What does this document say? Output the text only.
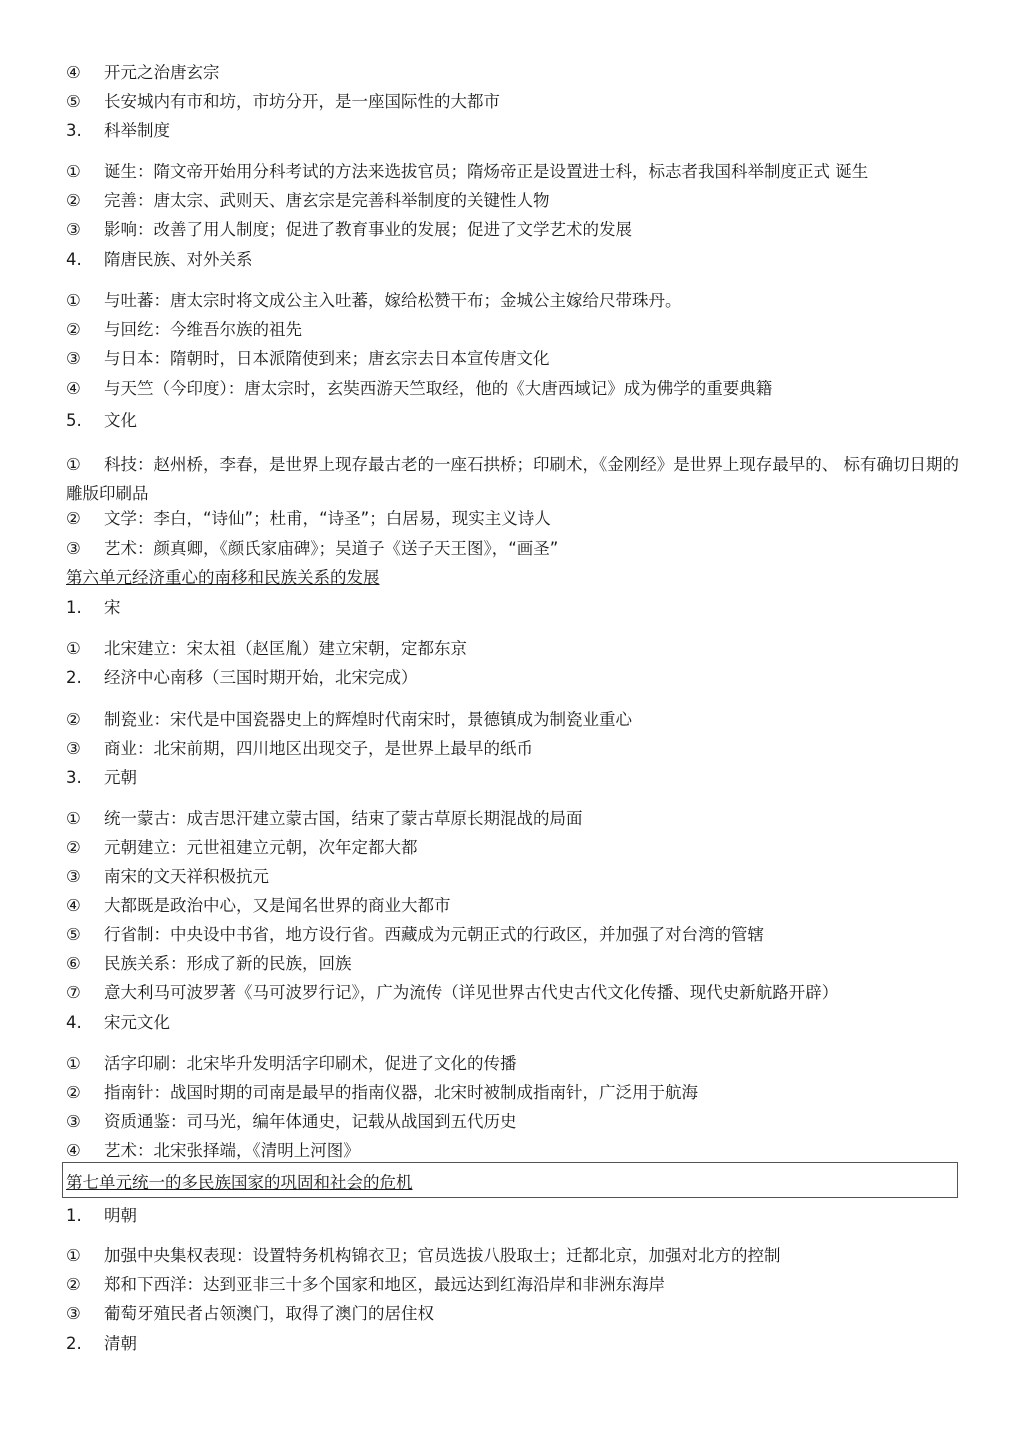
④ 开元之治唐玄宗
⑤ 长安城内有市和坊，市坊分开，是一座国际性的大都市
3. 科举制度
① 诞生：隋文帝开始用分科考试的方法来选拔官员；隋炀帝正是设置进士科，标志者我国科举制度正式 诞生
② 完善：唐太宗、武则天、唐玄宗是完善科举制度的关键性人物
③ 影响：改善了用人制度；促进了教育事业的发展；促进了文学艺术的发展
4. 隋唐民族、对外关系
① 与吐蕃：唐太宗时将文成公主入吐蕃，嫁给松赞干布；金城公主嫁给尺带珠丹。
② 与回纥：今维吾尔族的祖先
③ 与日本：隋朝时，日本派隋使到来；唐玄宗去日本宣传唐文化
④ 与天竺（今印度）：唐太宗时，玄奘西游天竺取经，他的《大唐西域记》成为佛学的重要典籍
5. 文化
① 科技：赵州桥，李春，是世界上现存最古老的一座石拱桥；印刷术，《金刚经》是世界上现存最早的、 标有确切日期的雕版印刷品
② 文学：李白，“诗仙”；杜甫，“诗圣”；白居易，现实主义诗人
③ 艺术：颜真卿，《颜氏家庙碑》；吴道子《送子天王图》，“画圣”
第六单元经济重心的南移和民族关系的发展
1. 宋
① 北宋建立：宋太祖（赵匡胤）建立宋朝，定都东京
2. 经济中心南移（三国时期开始，北宋完成）
② 制瓷业：宋代是中国瓷器史上的辉煌时代南宋时，景德镇成为制瓷业重心
③ 商业：北宋前期，四川地区出现交子，是世界上最早的纸币
3. 元朝
① 统一蒙古：成吉思汗建立蒙古国，结束了蒙古草原长期混战的局面
② 元朝建立：元世祖建立元朝，次年定都大都
③ 南宋的文天祥积极抗元
④ 大都既是政治中心，又是闻名世界的商业大都市
⑤ 行省制：中央设中书省，地方设行省。西藏成为元朝正式的行政区，并加强了对台湾的管辖
⑥ 民族关系：形成了新的民族，回族
⑦ 意大利马可波罗著《马可波罗行记》，广为流传（详见世界古代史古代文化传播、现代史新航路开辟）
4. 宋元文化
① 活字印刷：北宋毕升发明活字印刷术，促进了文化的传播
② 指南针：战国时期的司南是最早的指南仪器，北宋时被制成指南针，广泛用于航海
③ 资质通鉴：司马光，编年体通史，记载从战国到五代历史
④ 艺术：北宋张择端，《清明上河图》
第七单元统一的多民族国家的巩固和社会的危机
1. 明朝
① 加强中央集权表现：设置特务机构锦衣卫；官员选拔八股取士；迁都北京，加强对北方的控制
② 郑和下西洋：达到亚非三十多个国家和地区，最远达到红海沿岸和非洲东海岸
③ 葡萄牙殖民者占领澳门，取得了澳门的居住权
2. 清朝
